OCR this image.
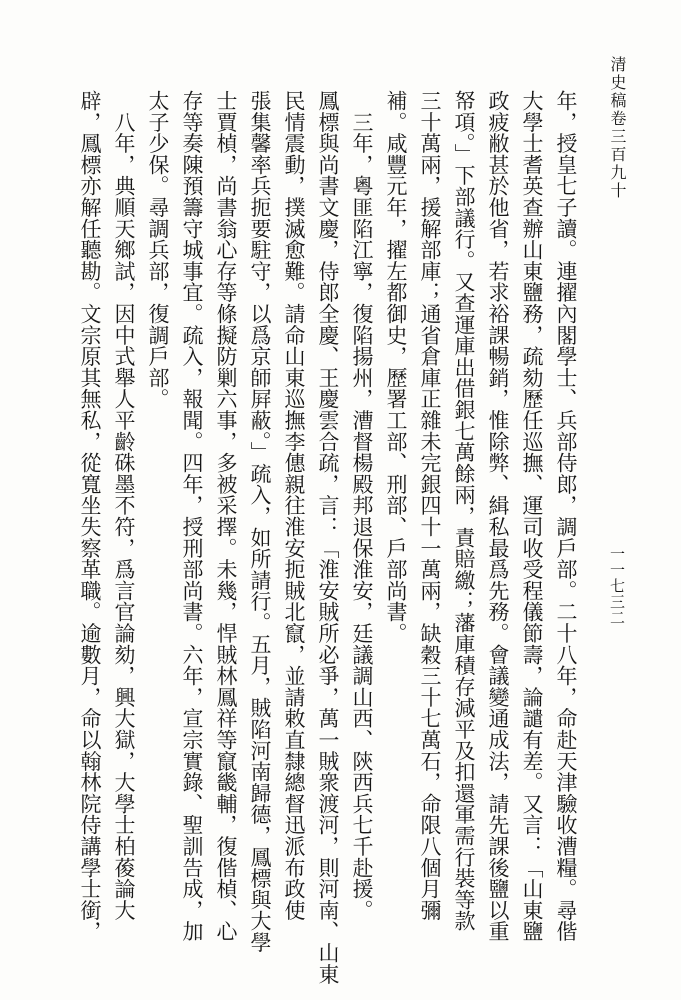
清史稿卷三百九十
一一七三二

年，授皇七子讀。連擢內閣學士、兵部侍郎，調戶部。二十八年，命赴天津驗收漕糧。尋偕

大學士耆英查辦山東鹽務，疏劾歷任巡撫、運司收受程儀節壽，論譴有差。又言：「山東鹽

政疲敝甚於他省，若求裕課暢銷，惟除弊、緝私最爲先務。會議變通成法，請先課後鹽以重

帑項。」下部議行。又查運庫出借銀七萬餘兩，責賠繳；藩庫積存減平及扣還軍需行裝等款

三十萬兩，援解部庫；通省倉庫正雜未完銀四十一萬兩，缺穀三十七萬石，命限八個月彌

補。咸豐元年，擢左都御史，歷署工部、刑部、戶部尚書。

　三年，粵匪陷江寧，復陷揚州，漕督楊殿邦退保淮安，廷議調山西、陝西兵七千赴援。

鳳標與尚書文慶，侍郎全慶、王慶雲合疏，言：「淮安賊所必爭，萬一賊衆渡河，則河南、山東

民情震動，撲滅愈難。請命山東巡撫李僡親往淮安扼賊北竄，並請敕直隸總督迅派布政使

張集馨率兵扼要駐守，以爲京師屛蔽。」疏入，如所請行。五月，賊陷河南歸德，鳳標與大學

士賈楨，尚書翁心存等條擬防剿六事，多被采擇。未幾，悍賊林鳳祥等竄畿輔，復偕楨、心

存等奏陳預籌守城事宜。疏入，報聞。四年，授刑部尚書。六年，宣宗實錄、聖訓告成，加

太子少保。尋調兵部，復調戶部。

　八年，典順天鄉試，因中式舉人平齡硃墨不符，爲言官論劾，興大獄，大學士柏葰論大

辟，鳳標亦解任聽勘。文宗原其無私，從寬坐失察革職。逾數月，命以翰林院侍講學士銜，
